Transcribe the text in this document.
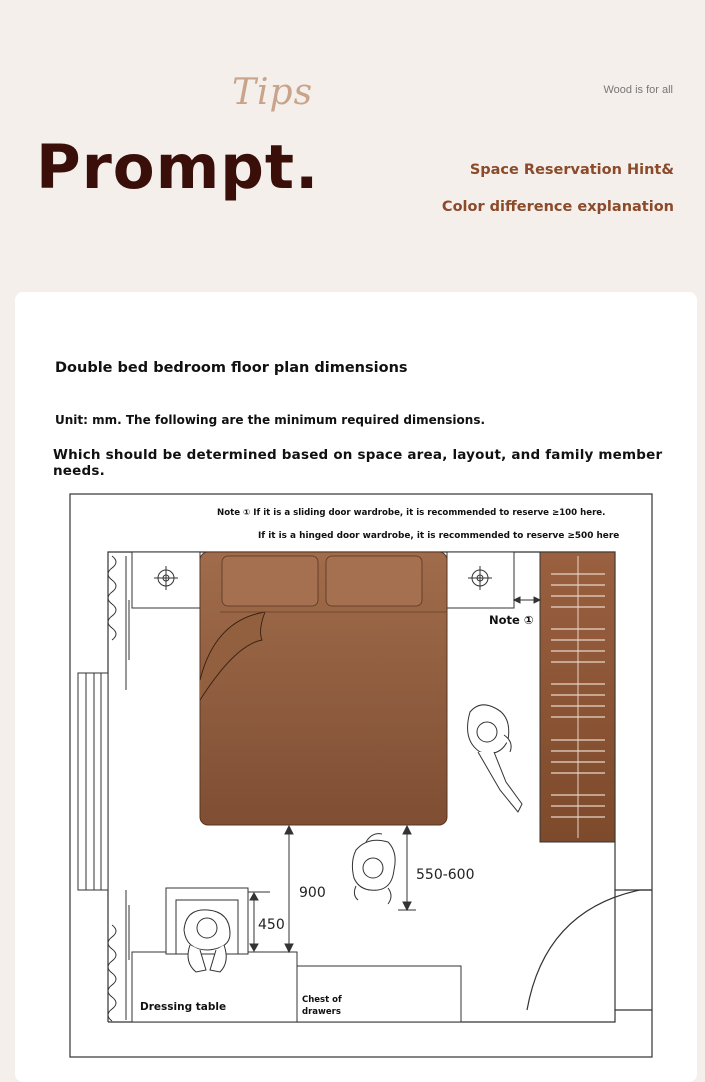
Tips	Wood is for all
Prompt.	Space Reservation Hint&
Color difference explanation
Double bed bedroom floor plan dimensions
Unit: mm. The following are the minimum required dimensions.
Which should be determined based on space area, layout, and family member needs.
900
450
550-600
Note ① If it is a sliding door wardrobe, it is recommended to reserve ≥100 here.
If it is a hinged door wardrobe, it is recommended to reserve ≥500 here
Note ①
Dressing table
Chest of
drawers
